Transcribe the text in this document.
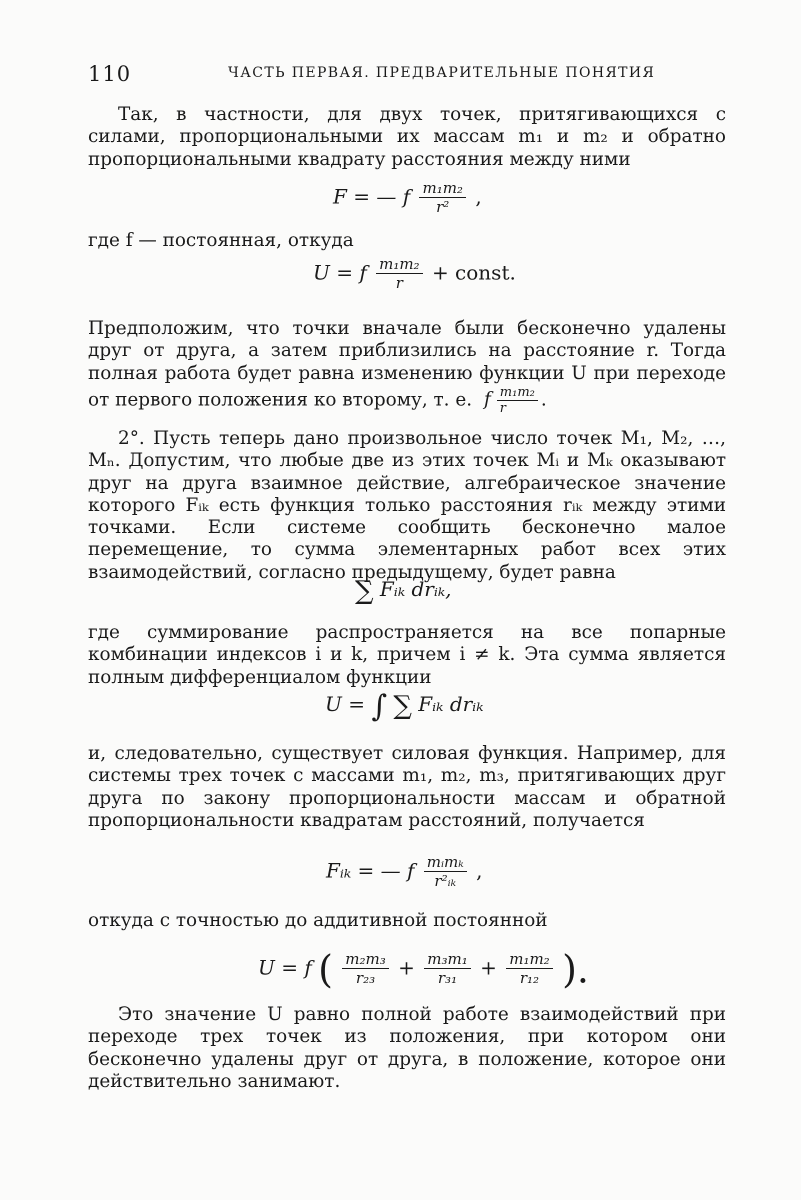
110	ЧАСТЬ ПЕРВАЯ. ПРЕДВАРИТЕЛЬНЫЕ ПОНЯТИЯ

Так, в частности, для двух точек, притягивающихся с силами, пропорциональными их массам m₁ и m₂ и обратно пропорциональными квадрату расстояния между ними

F = — f $\frac{\text{m₁m₂}}{\text{r²}}$ ,

где f — постоянная, откуда

U = f $\frac{\text{m₁m₂}}{r}$ + const.

Предположим, что точки вначале были бесконечно удалены друг от друга, а затем приблизились на расстояние r. Тогда полная работа будет равна изменению функции U при переходе от первого положения ко второму, т. е. f $\frac{\text{m₁m₂}}{r}$ .

2°. Пусть теперь дано произвольное число точек M₁, M₂, …, Mₙ. Допустим, что любые две из этих точек Mᵢ и Mₖ оказывают друг на друга взаимное действие, алгебраическое значение которого Fᵢₖ есть функция только расстояния rᵢₖ между этими точками. Если системе сообщить бесконечно малое перемещение, то сумма элементарных работ всех этих взаимодействий, согласно предыдущему, будет равна

∑ Fᵢₖ drᵢₖ,

где суммирование распространяется на все попарные комбинации индексов i и k, причем i ≠ k. Эта сумма является полным дифференциалом функции

U = ∫ ∑ Fᵢₖ drᵢₖ

и, следовательно, существует силовая функция. Например, для системы трех точек с массами m₁, m₂, m₃, притягивающих друг друга по закону пропорциональности массам и обратной пропорциональности квадратам расстояний, получается

Fᵢₖ = — f $\frac{\text{mᵢmₖ}}{\text{r²ᵢₖ}}$ ,

откуда с точностью до аддитивной постоянной

U = f ( $\frac{\text{m₂m₃}}{\text{r₂₃}} + \frac{\text{m₃m₁}}{\text{r₃₁}} + \frac{\text{m₁m₂}}{\text{r₁₂}}$ ).

Это значение U равно полной работе взаимодействий при переходе трех точек из положения, при котором они бесконечно удалены друг от друга, в положение, которое они действительно занимают.
